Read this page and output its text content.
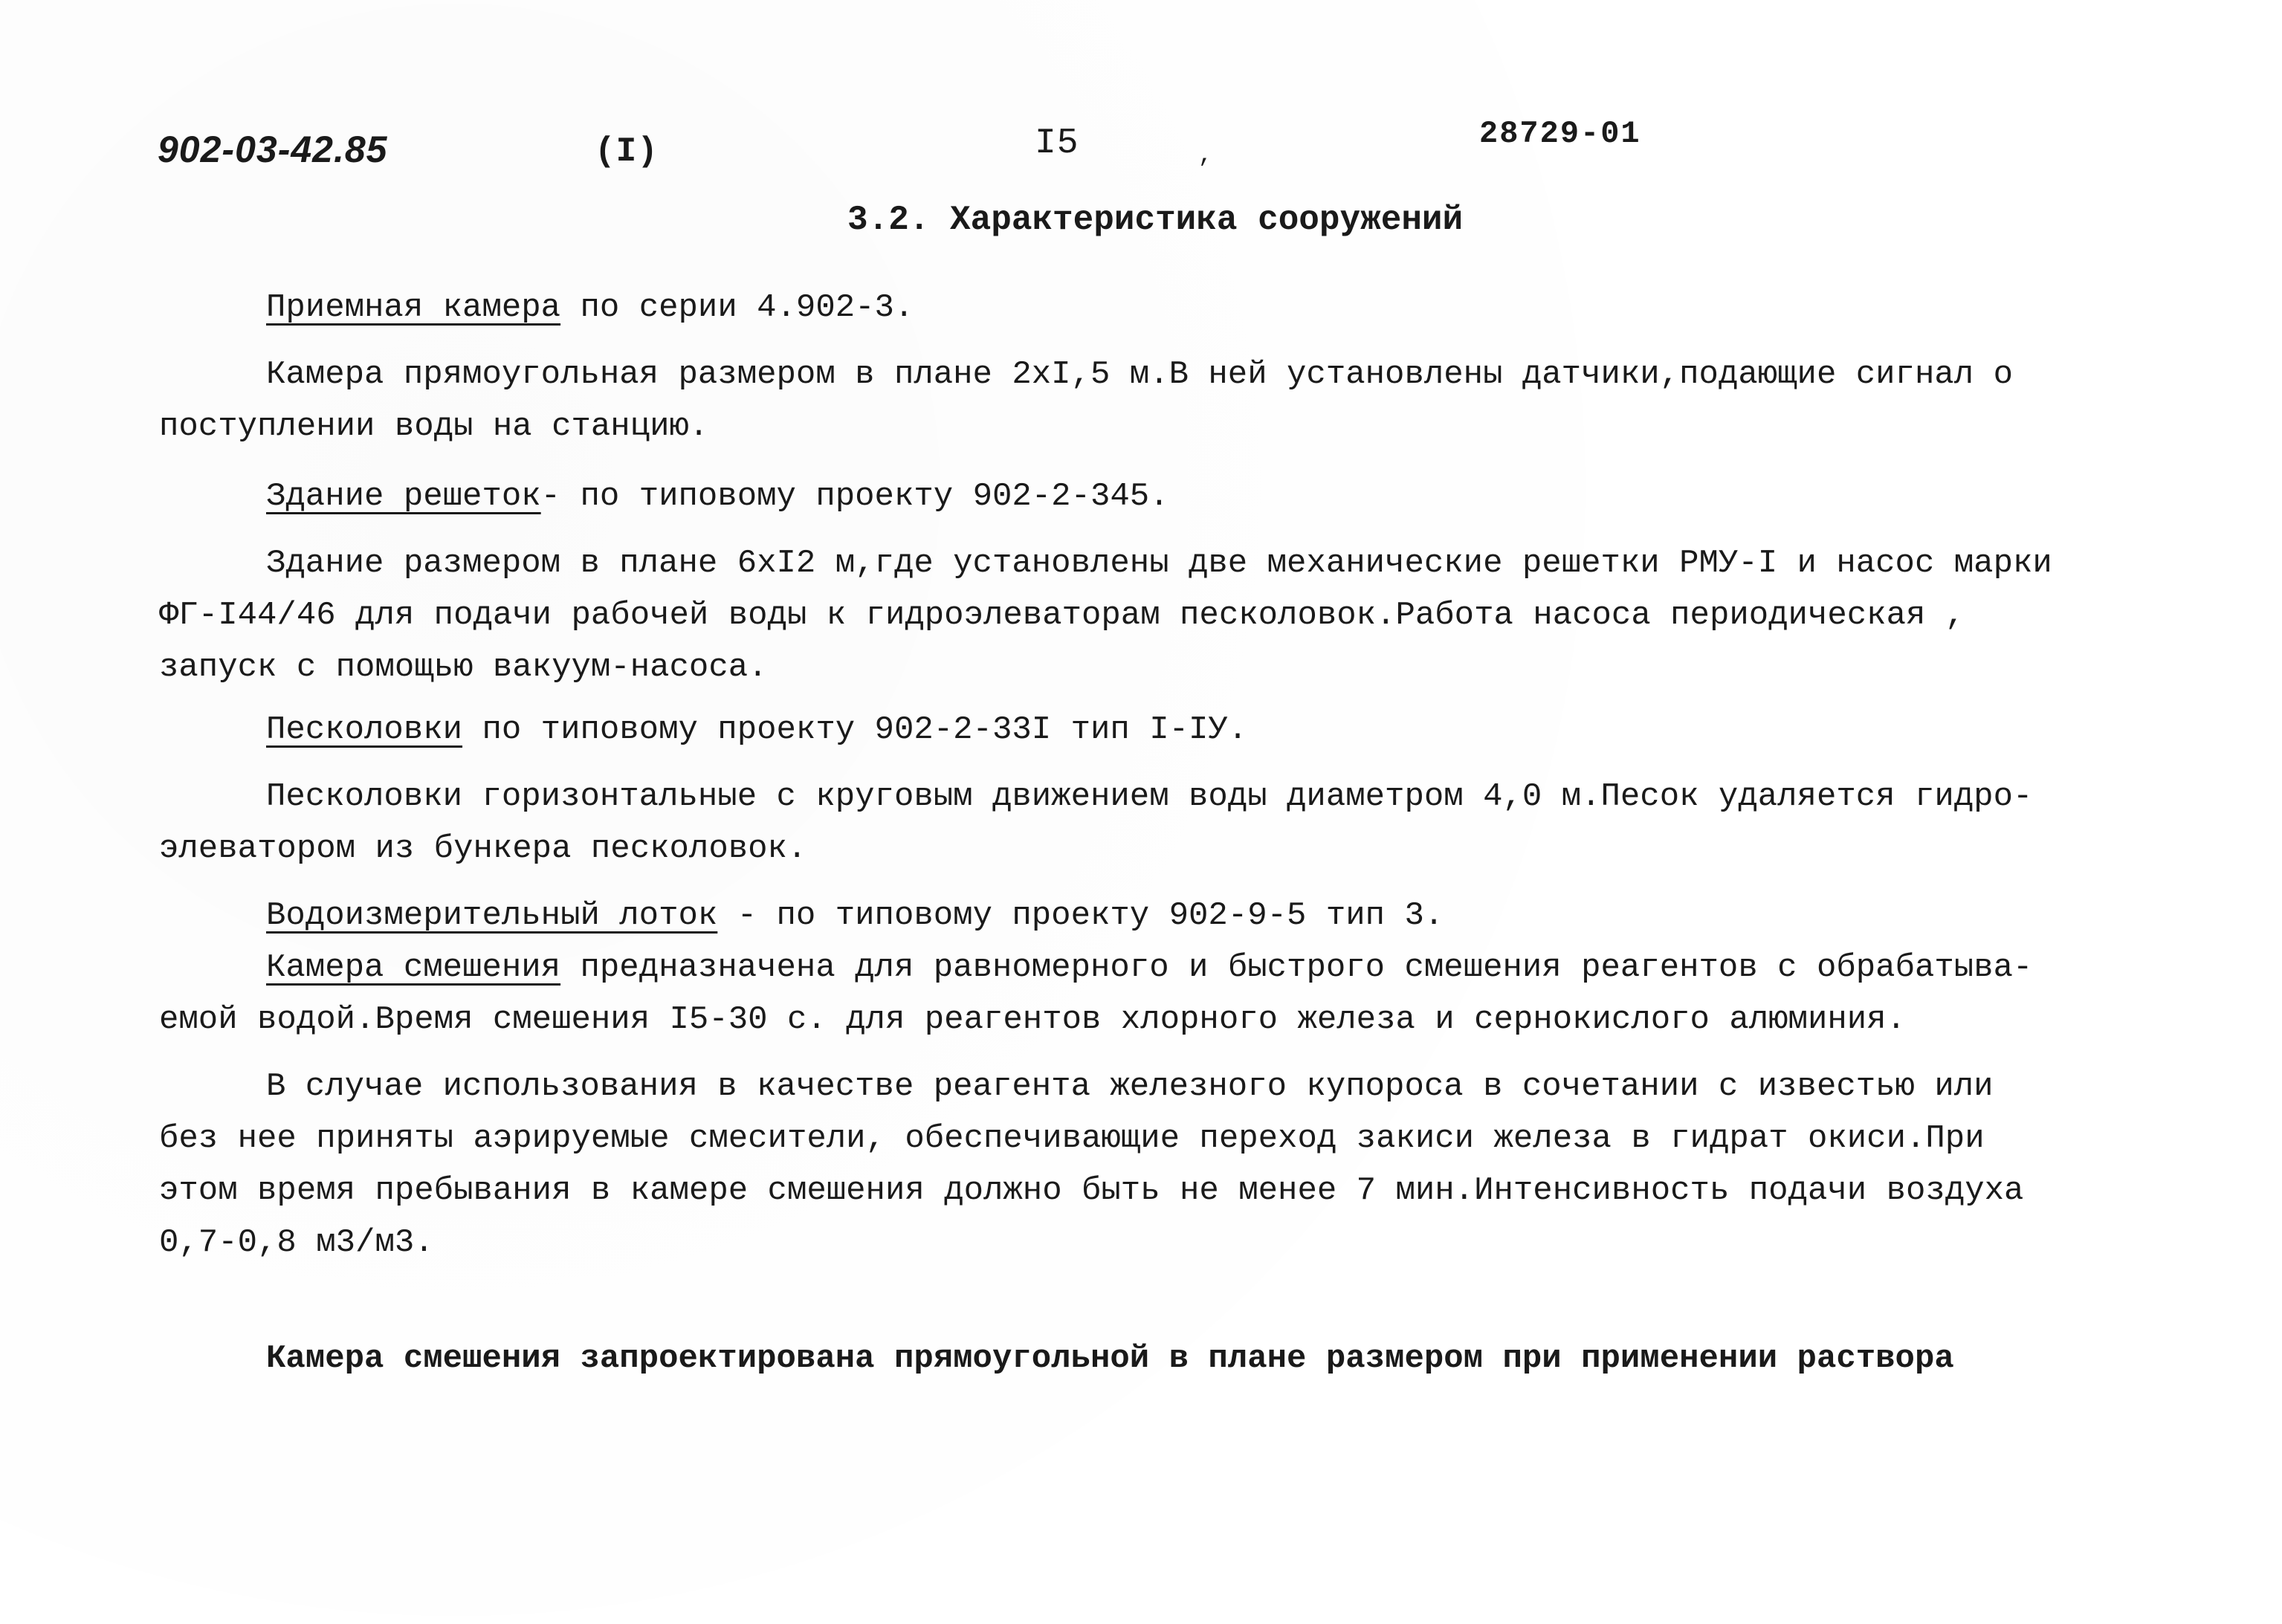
902-03-42.85	(I)	I5	,
28729-01
3.2. Характеристика сооружений
Приемная камера по серии 4.902-3.
Камера прямоугольная размером в плане 2хI,5 м.В ней установлены датчики,подающие сигнал о
поступлении воды на станцию.
Здание решеток- по типовому проекту 902-2-345.
Здание размером в плане 6хI2 м,где установлены две механические решетки РМУ-I и насос марки
ФГ-I44/46 для подачи рабочей воды к гидроэлеваторам песколовок.Работа насоса периодическая ,
запуск с помощью вакуум-насоса.
Песколовки по типовому проекту 902-2-33I тип I-IУ.
Песколовки горизонтальные с круговым движением воды диаметром 4,0 м.Песок удаляется гидро-
элеватором из бункера песколовок.
Водоизмерительный лоток - по типовому проекту 902-9-5 тип 3.
Камера смешения предназначена для равномерного и быстрого смешения реагентов с обрабатыва-
емой водой.Время смешения I5-30 с. для реагентов хлорного железа и сернокислого алюминия.
В случае использования в качестве реагента железного купороса в сочетании с известью или
без нее приняты аэрируемые смесители, обеспечивающие переход закиси железа в гидрат окиси.При
этом время пребывания в камере смешения должно быть не менее 7 мин.Интенсивность подачи воздуха
0,7-0,8 м3/м3.
Камера смешения запроектирована прямоугольной в плане размером при применении раствора
